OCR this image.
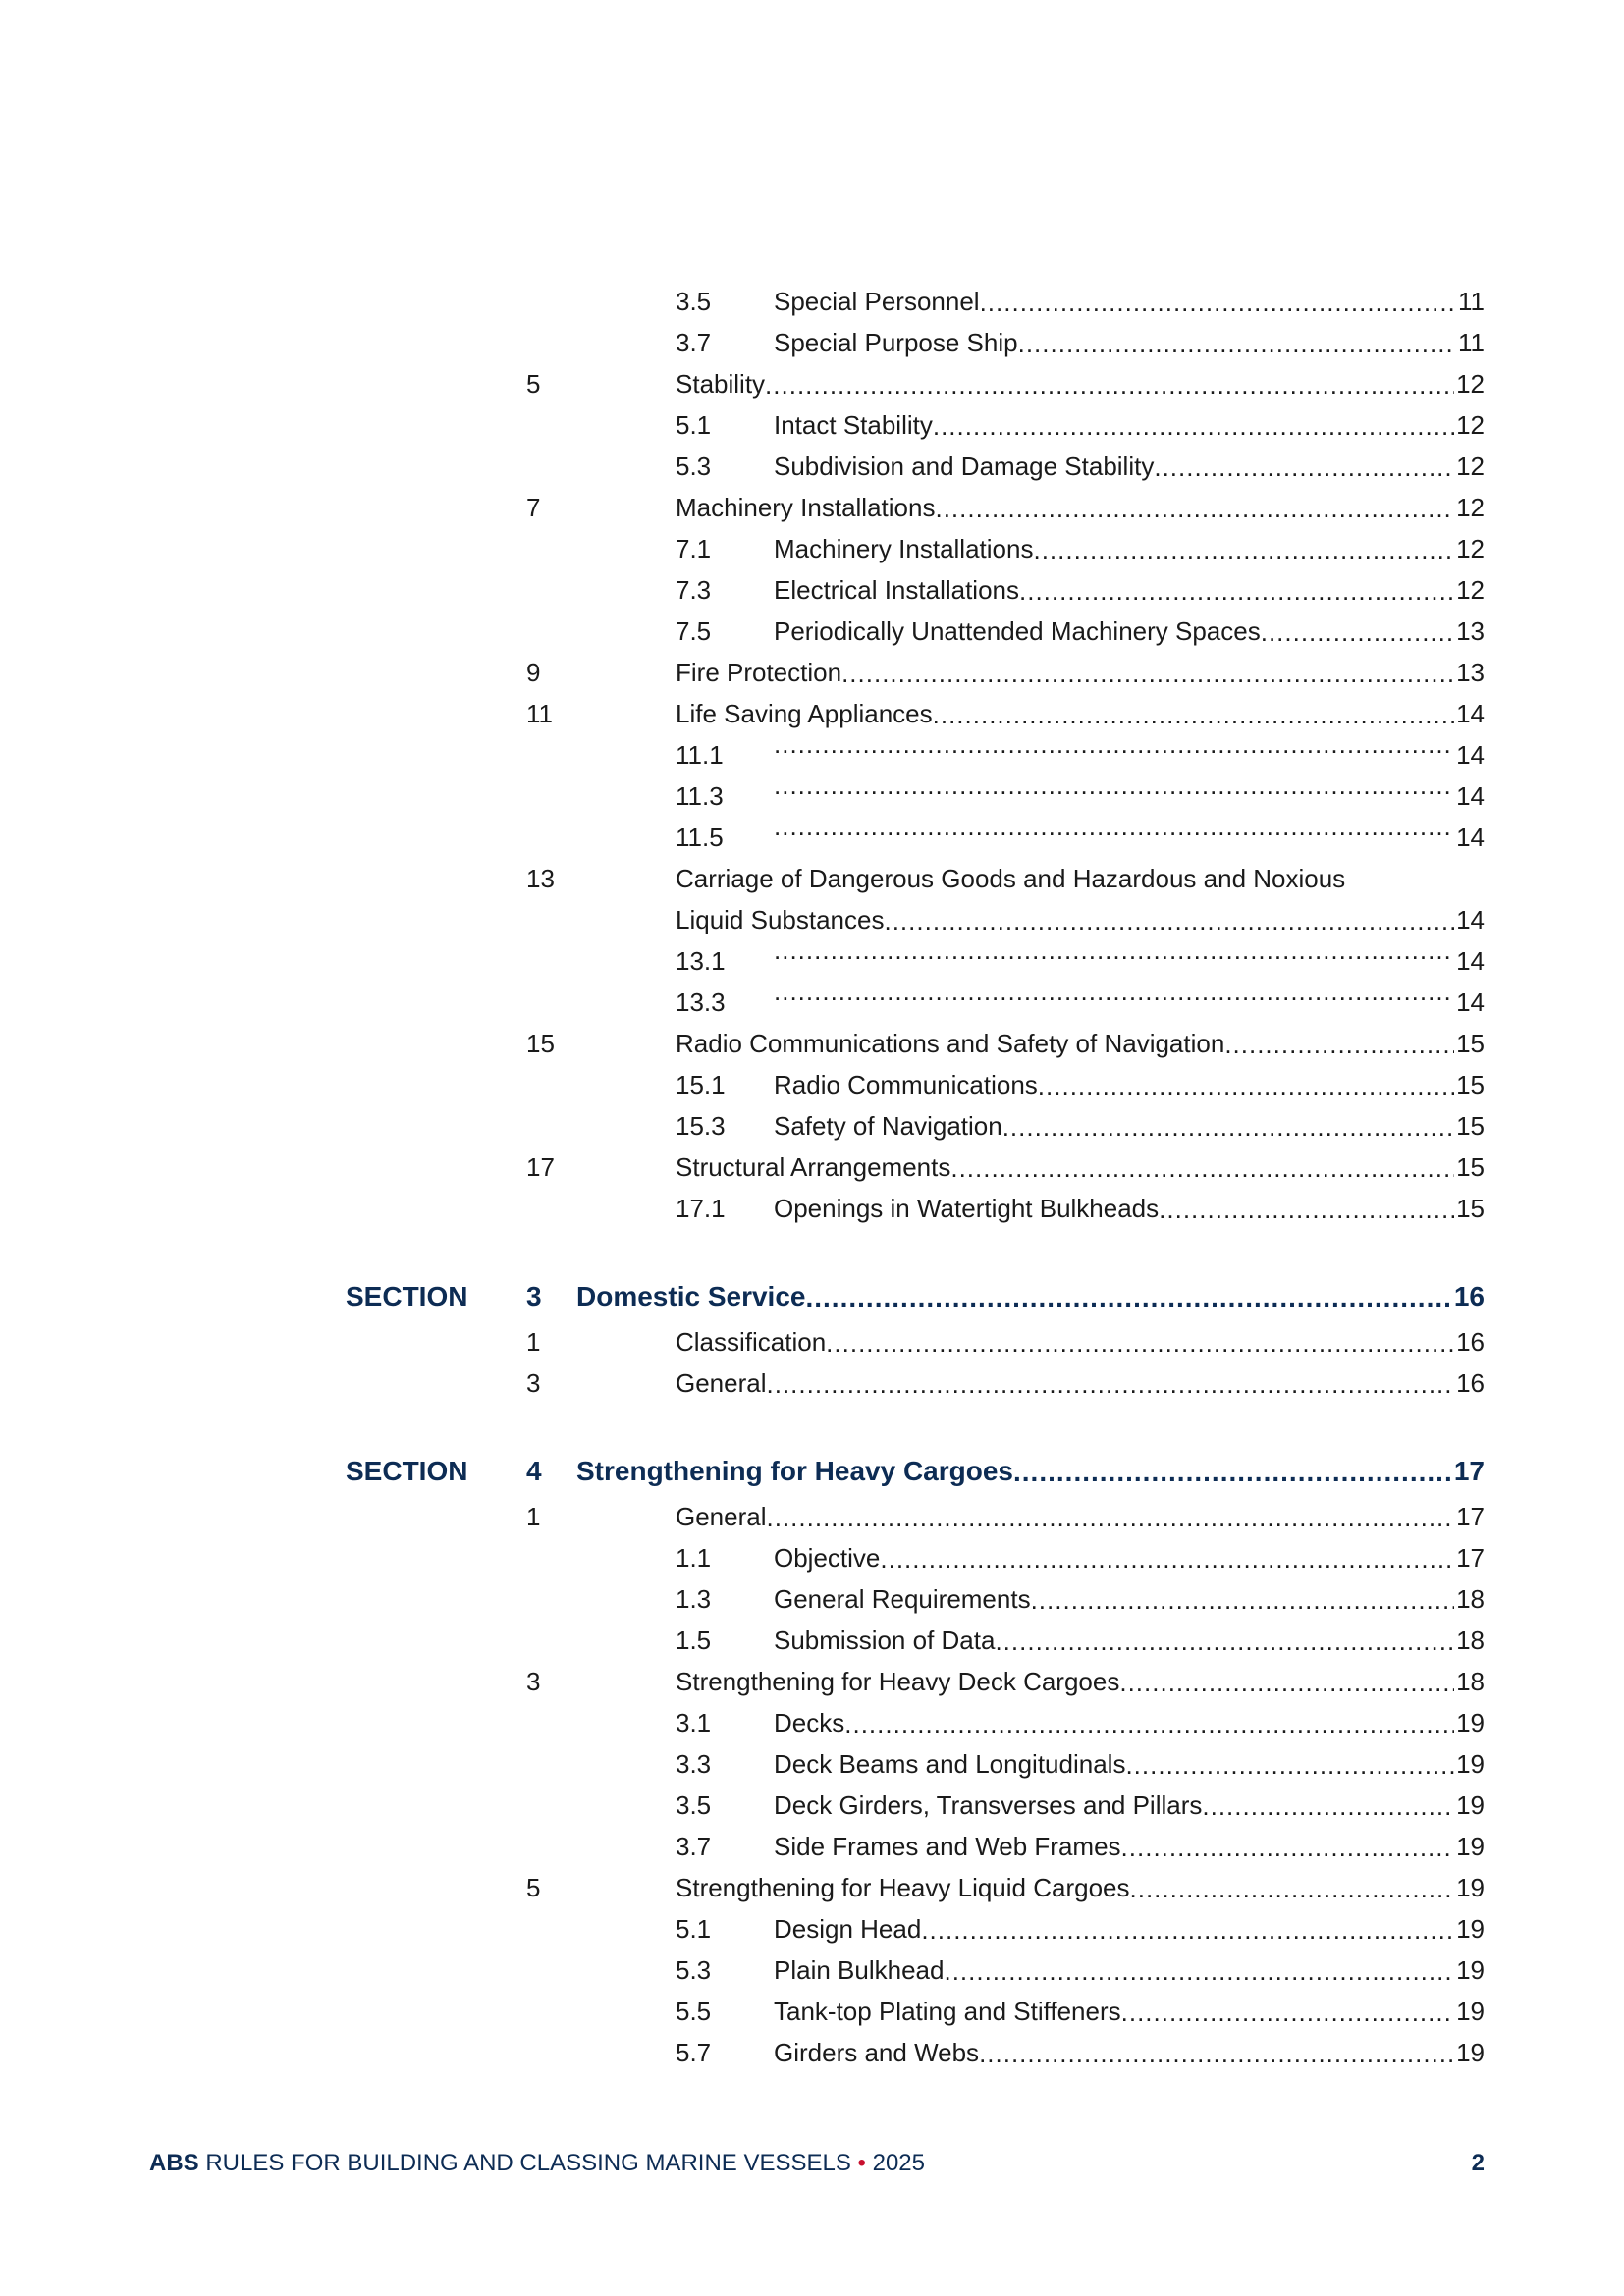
3.5 Special Personnel .....	11
3.7 Special Purpose Ship .....	11
5	Stability .....	12
5.1 Intact Stability .....	12
5.3 Subdivision and Damage Stability .....	12
7	Machinery Installations .....	12
7.1 Machinery Installations .....	12
7.3 Electrical Installations .....	12
7.5 Periodically Unattended Machinery Spaces .....	13
9	Fire Protection .....	13
11	Life Saving Appliances .....	14
11.1 .....	14
11.3 .....	14
11.5 .....	14
13	Carriage of Dangerous Goods and Hazardous and Noxious
Liquid Substances .....	14
13.1 .....	14
13.3 .....	14
15	Radio Communications and Safety of Navigation .....	15
15.1 Radio Communications .....	15
15.3 Safety of Navigation .....	15
17	Structural Arrangements .....	15
17.1 Openings in Watertight Bulkheads .....	15
SECTION 3 Domestic Service .....	16
1	Classification .....	16
3	General .....	16
SECTION 4 Strengthening for Heavy Cargoes .....	17
1	General .....	17
1.1 Objective .....	17
1.3 General Requirements .....	18
1.5 Submission of Data .....	18
3	Strengthening for Heavy Deck Cargoes .....	18
3.1 Decks .....	19
3.3 Deck Beams and Longitudinals .....	19
3.5 Deck Girders, Transverses and Pillars .....	19
3.7 Side Frames and Web Frames .....	19
5	Strengthening for Heavy Liquid Cargoes .....	19
5.1 Design Head .....	19
5.3 Plain Bulkhead .....	19
5.5 Tank-top Plating and Stiffeners .....	19
5.7 Girders and Webs .....	19
ABS RULES FOR BUILDING AND CLASSING MARINE VESSELS • 2025	2
